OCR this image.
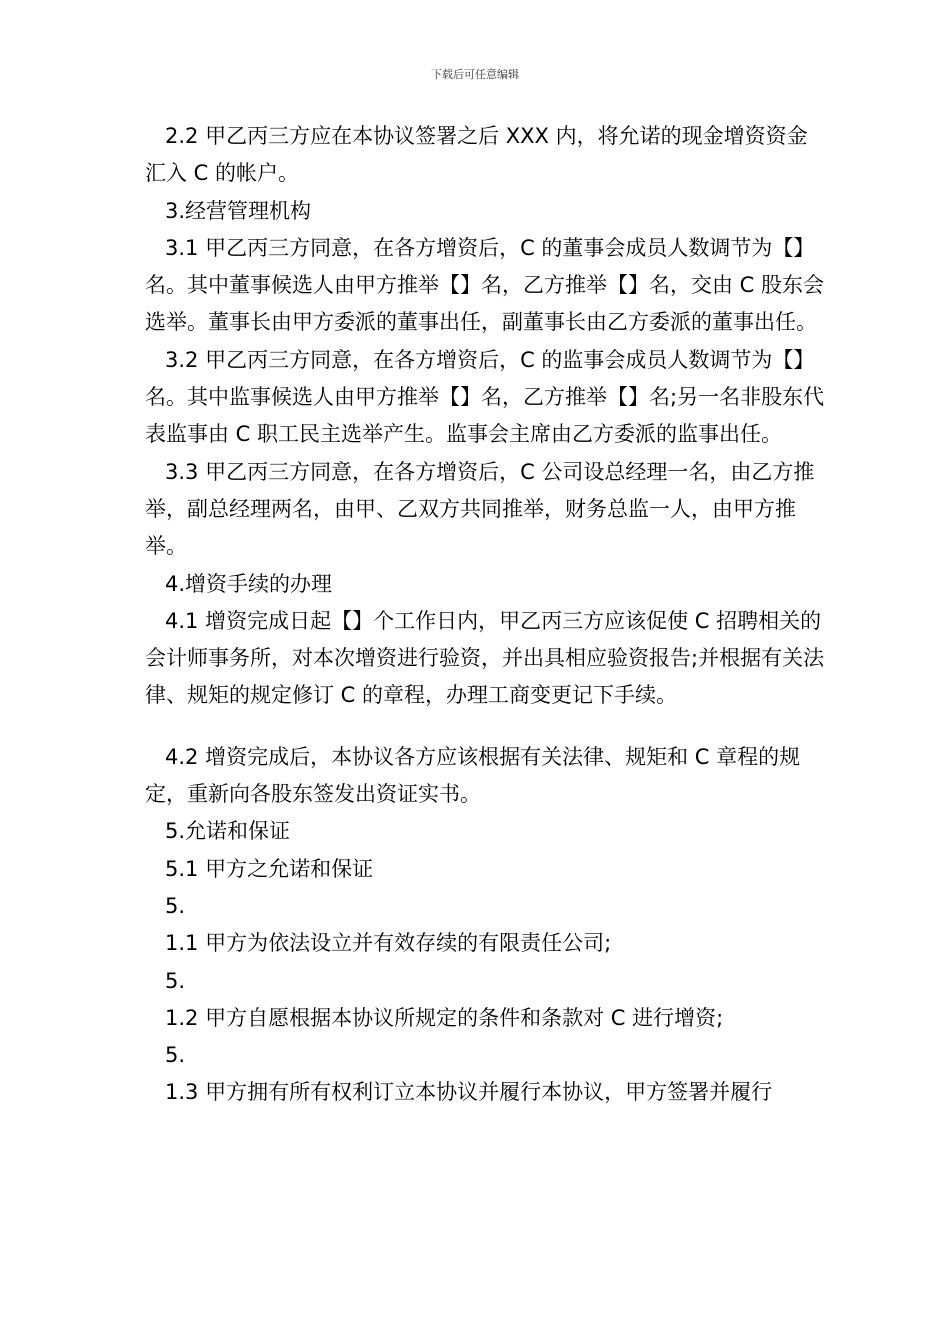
下载后可任意编辑

2.2 甲乙丙三方应在本协议签署之后 XXX 内，将允诺的现金增资资金汇入 C 的帐户。

3.经营管理机构

3.1 甲乙丙三方同意，在各方增资后，C 的董事会成员人数调节为【】名。其中董事候选人由甲方推举【】名，乙方推举【】名，交由 C 股东会选举。董事长由甲方委派的董事出任，副董事长由乙方委派的董事出任。

3.2 甲乙丙三方同意，在各方增资后，C 的监事会成员人数调节为【】名。其中监事候选人由甲方推举【】名，乙方推举【】名;另一名非股东代表监事由 C 职工民主选举产生。监事会主席由乙方委派的监事出任。

3.3 甲乙丙三方同意，在各方增资后，C 公司设总经理一名，由乙方推举，副总经理两名，由甲、乙双方共同推举，财务总监一人，由甲方推举。

4.增资手续的办理

4.1 增资完成日起【】个工作日内，甲乙丙三方应该促使 C 招聘相关的会计师事务所，对本次增资进行验资，并出具相应验资报告;并根据有关法律、规矩的规定修订 C 的章程，办理工商变更记下手续。

4.2 增资完成后，本协议各方应该根据有关法律、规矩和 C 章程的规定，重新向各股东签发出资证实书。

5.允诺和保证

5.1 甲方之允诺和保证

5.

1.1 甲方为依法设立并有效存续的有限责任公司;

5.

1.2 甲方自愿根据本协议所规定的条件和条款对 C 进行增资;

5.

1.3 甲方拥有所有权利订立本协议并履行本协议，甲方签署并履行
